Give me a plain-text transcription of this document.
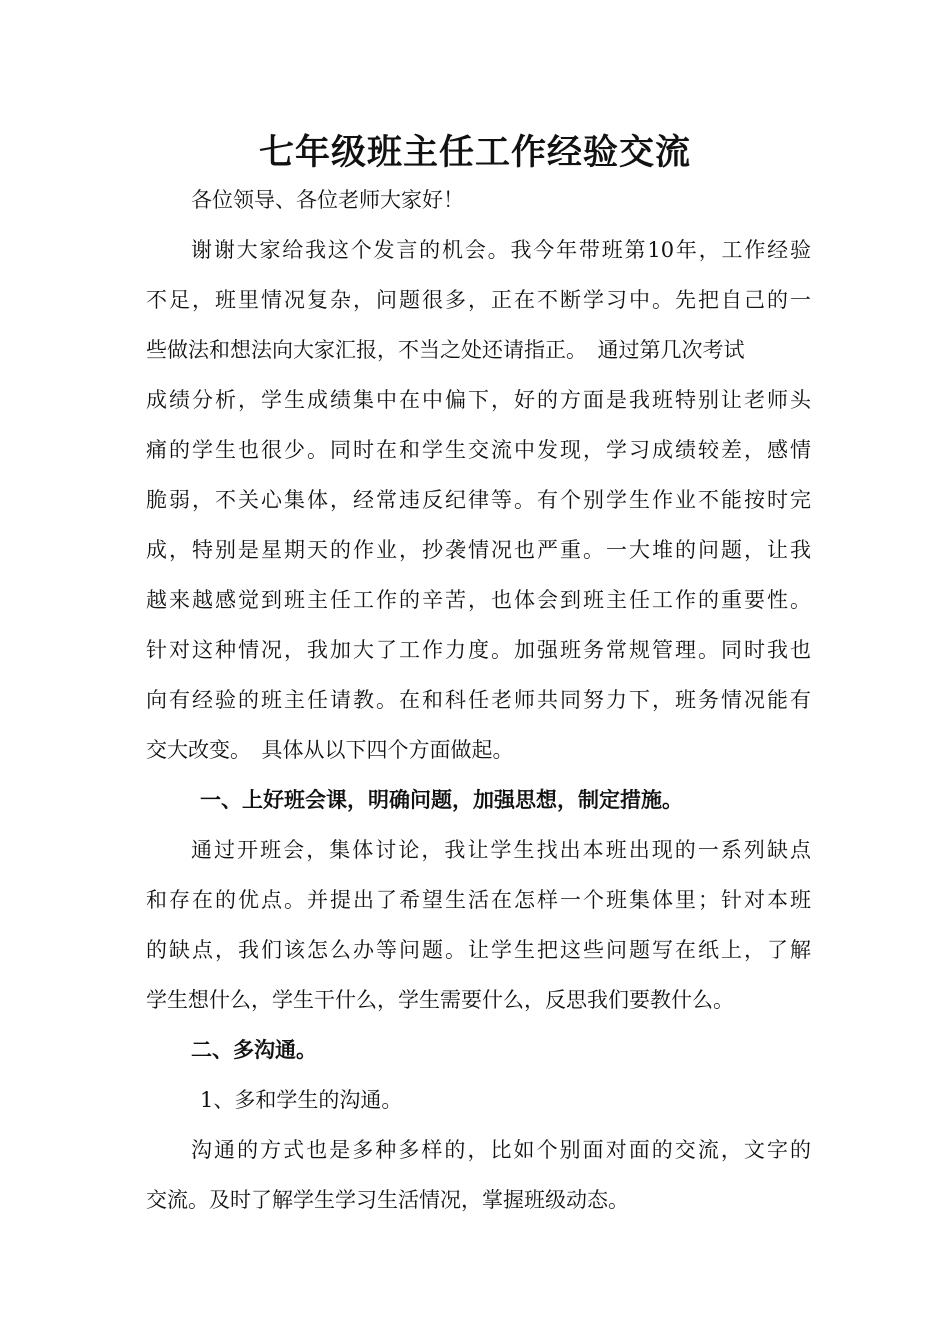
七年级班主任工作经验交流
各位领导、各位老师大家好！
谢谢大家给我这个发言的机会。我今年带班第10年，工作经验
不足，班里情况复杂，问题很多，正在不断学习中。先把自己的一
些做法和想法向大家汇报，不当之处还请指正。　通过第几次考试
成绩分析，学生成绩集中在中偏下，好的方面是我班特别让老师头
痛的学生也很少。同时在和学生交流中发现，学习成绩较差，感情
脆弱，不关心集体，经常违反纪律等。有个别学生作业不能按时完
成，特别是星期天的作业，抄袭情况也严重。一大堆的问题，让我
越来越感觉到班主任工作的辛苦，也体会到班主任工作的重要性。
针对这种情况，我加大了工作力度。加强班务常规管理。同时我也
向有经验的班主任请教。在和科任老师共同努力下，班务情况能有
交大改变。　具体从以下四个方面做起。
一、上好班会课，明确问题，加强思想，制定措施。
通过开班会，集体讨论，我让学生找出本班出现的一系列缺点
和存在的优点。并提出了希望生活在怎样一个班集体里；针对本班
的缺点，我们该怎么办等问题。让学生把这些问题写在纸上，了解
学生想什么，学生干什么，学生需要什么，反思我们要教什么。
二、多沟通。
1、多和学生的沟通。
沟通的方式也是多种多样的，比如个别面对面的交流，文字的
交流。及时了解学生学习生活情况，掌握班级动态。
